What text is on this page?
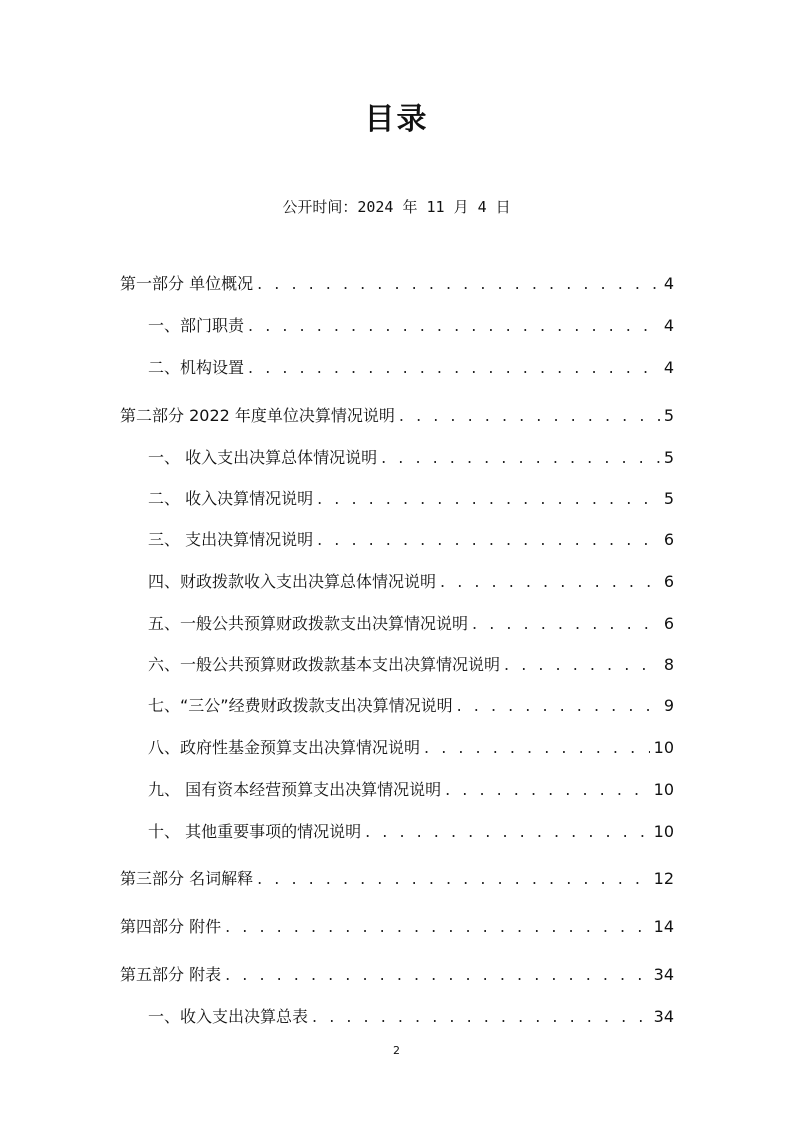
目录
公开时间：2024 年 11 月 4 日
第一部分 单位概况 . . .	4
一、部门职责 . . .	4
二、机构设置 . . .	4
第二部分 2022 年度单位决算情况说明 . . .	5
一、 收入支出决算总体情况说明 . . .	5
二、 收入决算情况说明 . . .	5
三、 支出决算情况说明 . . .	6
四、财政拨款收入支出决算总体情况说明 . . .	6
五、一般公共预算财政拨款支出决算情况说明 . . .	6
六、一般公共预算财政拨款基本支出决算情况说明 . . .	8
七、“三公”经费财政拨款支出决算情况说明 . . .	9
八、政府性基金预算支出决算情况说明 . . .	10
九、 国有资本经营预算支出决算情况说明 . . .	10
十、 其他重要事项的情况说明 . . .	10
第三部分 名词解释 . . .	12
第四部分 附件 . . .	14
第五部分 附表 . . .	34
一、收入支出决算总表 . . .	34
2
